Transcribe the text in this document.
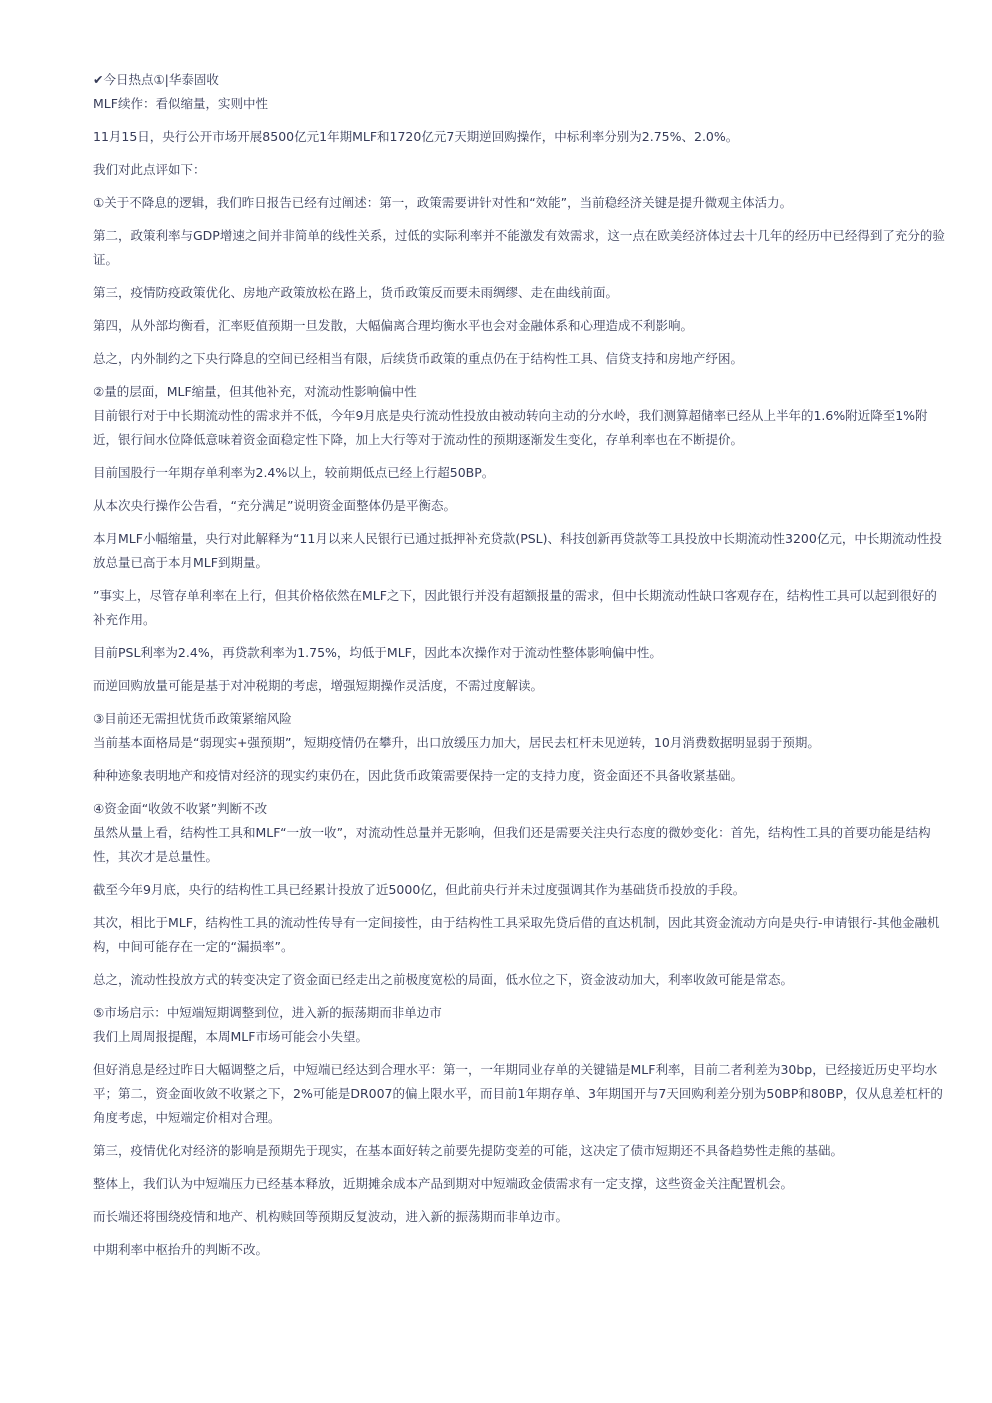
✔今日热点①|华泰固收
MLF续作：看似缩量，实则中性
11月15日，央行公开市场开展8500亿元1年期MLF和1720亿元7天期逆回购操作，中标利率分别为2.75%、2.0%。
我们对此点评如下：
①关于不降息的逻辑，我们昨日报告已经有过阐述：第一，政策需要讲针对性和“效能”，当前稳经济关键是提升微观主体活力。
第二，政策利率与GDP增速之间并非简单的线性关系，过低的实际利率并不能激发有效需求，这一点在欧美经济体过去十几年的经历中已经得到了充分的验证。
第三，疫情防疫政策优化、房地产政策放松在路上，货币政策反而要未雨绸缪、走在曲线前面。
第四，从外部均衡看，汇率贬值预期一旦发散，大幅偏离合理均衡水平也会对金融体系和心理造成不利影响。
总之，内外制约之下央行降息的空间已经相当有限，后续货币政策的重点仍在于结构性工具、信贷支持和房地产纾困。
②量的层面，MLF缩量，但其他补充，对流动性影响偏中性
目前银行对于中长期流动性的需求并不低，今年9月底是央行流动性投放由被动转向主动的分水岭，我们测算超储率已经从上半年的1.6%附近降至1%附近，银行间水位降低意味着资金面稳定性下降，加上大行等对于流动性的预期逐渐发生变化，存单利率也在不断提价。
目前国股行一年期存单利率为2.4%以上，较前期低点已经上行超50BP。
从本次央行操作公告看，“充分满足”说明资金面整体仍是平衡态。
本月MLF小幅缩量，央行对此解释为“11月以来人民银行已通过抵押补充贷款(PSL)、科技创新再贷款等工具投放中长期流动性3200亿元，中长期流动性投放总量已高于本月MLF到期量。
”事实上，尽管存单利率在上行，但其价格依然在MLF之下，因此银行并没有超额报量的需求，但中长期流动性缺口客观存在，结构性工具可以起到很好的补充作用。
目前PSL利率为2.4%，再贷款利率为1.75%，均低于MLF，因此本次操作对于流动性整体影响偏中性。
而逆回购放量可能是基于对冲税期的考虑，增强短期操作灵活度，不需过度解读。
③目前还无需担忧货币政策紧缩风险
当前基本面格局是“弱现实+强预期”，短期疫情仍在攀升，出口放缓压力加大，居民去杠杆未见逆转，10月消费数据明显弱于预期。
种种迹象表明地产和疫情对经济的现实约束仍在，因此货币政策需要保持一定的支持力度，资金面还不具备收紧基础。
④资金面“收敛不收紧”判断不改
虽然从量上看，结构性工具和MLF“一放一收”，对流动性总量并无影响，但我们还是需要关注央行态度的微妙变化：首先，结构性工具的首要功能是结构性，其次才是总量性。
截至今年9月底，央行的结构性工具已经累计投放了近5000亿，但此前央行并未过度强调其作为基础货币投放的手段。
其次，相比于MLF，结构性工具的流动性传导有一定间接性，由于结构性工具采取先贷后借的直达机制，因此其资金流动方向是央行-申请银行-其他金融机构，中间可能存在一定的“漏损率”。
总之，流动性投放方式的转变决定了资金面已经走出之前极度宽松的局面，低水位之下，资金波动加大，利率收敛可能是常态。
⑤市场启示：中短端短期调整到位，进入新的振荡期而非单边市
我们上周周报提醒，本周MLF市场可能会小失望。
但好消息是经过昨日大幅调整之后，中短端已经达到合理水平：第一，一年期同业存单的关键锚是MLF利率，目前二者利差为30bp，已经接近历史平均水平；第二，资金面收敛不收紧之下，2%可能是DR007的偏上限水平，而目前1年期存单、3年期国开与7天回购利差分别为50BP和80BP，仅从息差杠杆的角度考虑，中短端定价相对合理。
第三，疫情优化对经济的影响是预期先于现实，在基本面好转之前要先提防变差的可能，这决定了债市短期还不具备趋势性走熊的基础。
整体上，我们认为中短端压力已经基本释放，近期摊余成本产品到期对中短端政金债需求有一定支撑，这些资金关注配置机会。
而长端还将围绕疫情和地产、机构赎回等预期反复波动，进入新的振荡期而非单边市。
中期利率中枢抬升的判断不改。
